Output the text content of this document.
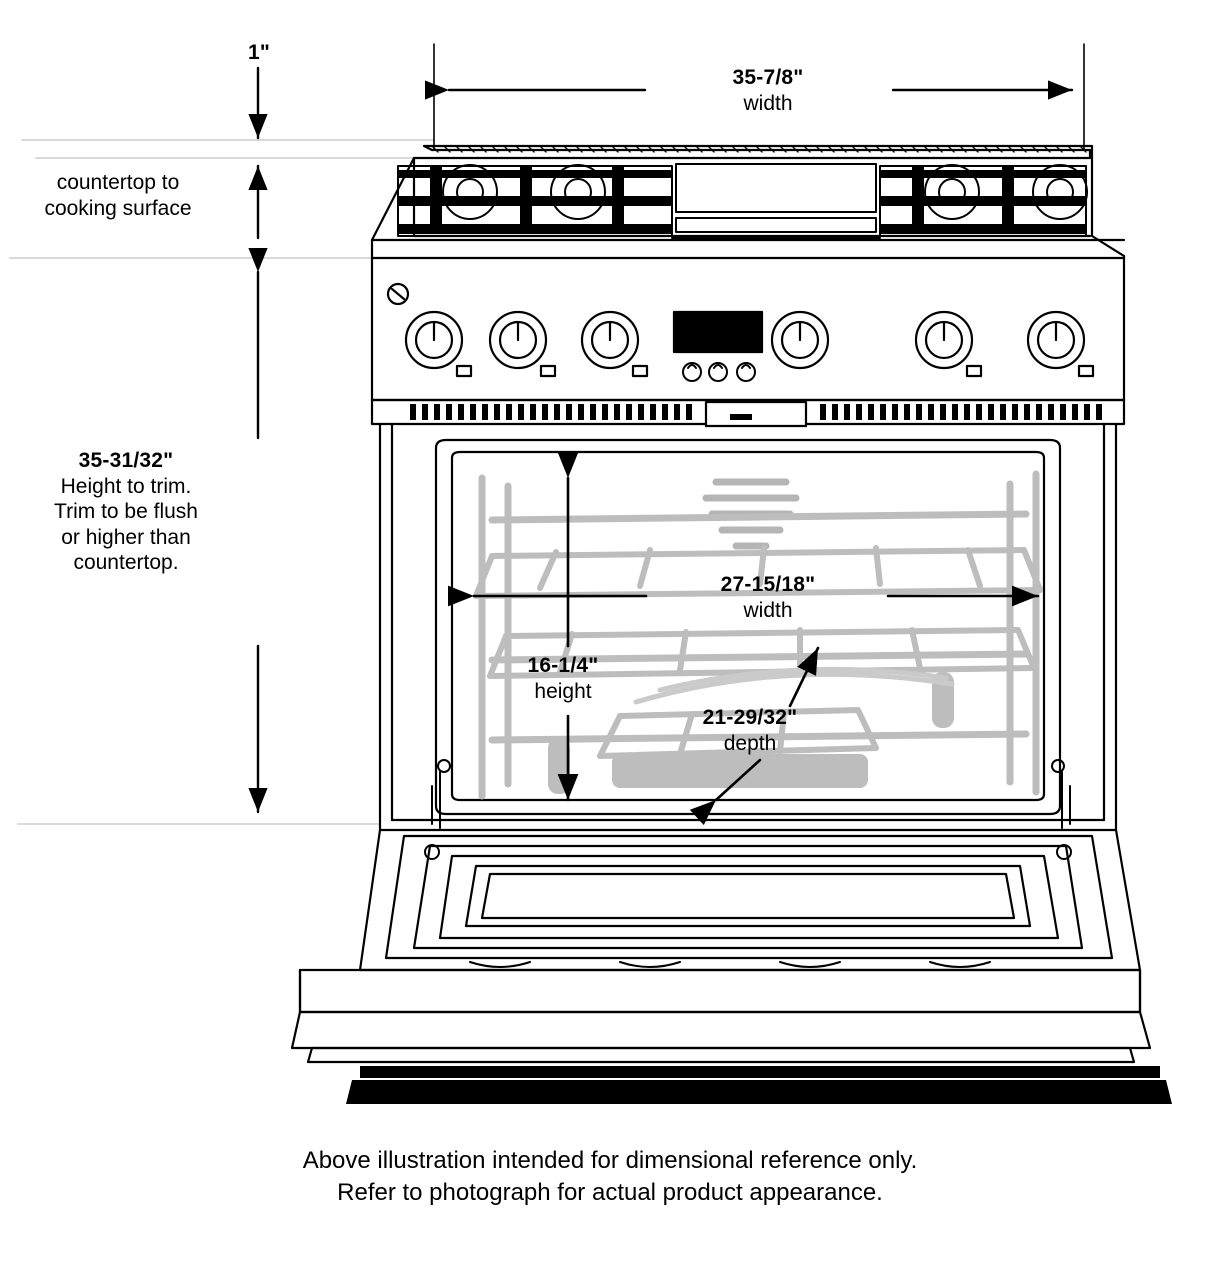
1"
35-7/8"
width
countertop to
cooking surface
35-31/32"
Height to trim.
Trim to be flush
or higher than
countertop.
27-15/18"
width
16-1/4"
height
21-29/32"
depth
Above illustration intended for dimensional reference only.
Refer to photograph for actual product appearance.
